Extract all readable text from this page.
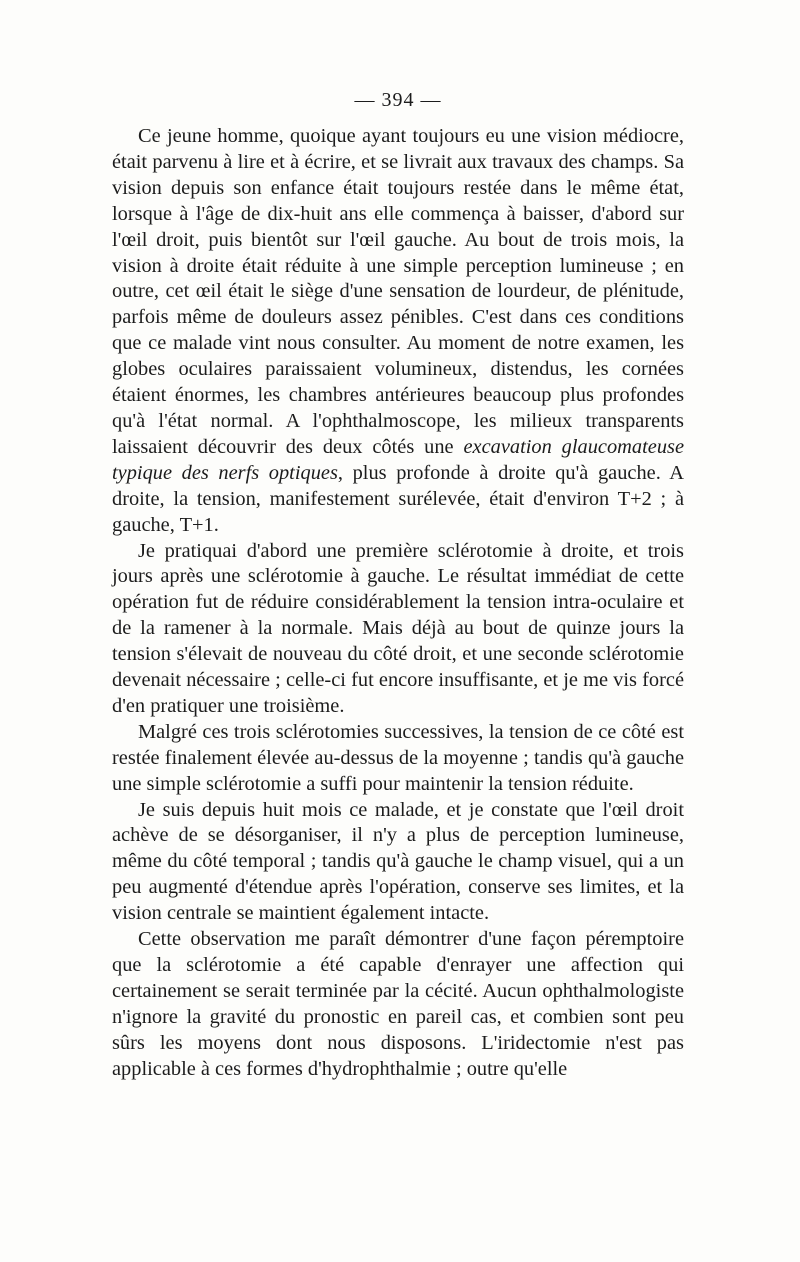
— 394 —

Ce jeune homme, quoique ayant toujours eu une vision médiocre, était parvenu à lire et à écrire, et se livrait aux travaux des champs. Sa vision depuis son enfance était toujours restée dans le même état, lorsque à l'âge de dix-huit ans elle commença à baisser, d'abord sur l'œil droit, puis bientôt sur l'œil gauche. Au bout de trois mois, la vision à droite était réduite à une simple perception lumineuse ; en outre, cet œil était le siège d'une sensation de lourdeur, de plénitude, parfois même de douleurs assez pénibles. C'est dans ces conditions que ce malade vint nous consulter. Au moment de notre examen, les globes oculaires paraissaient volumineux, distendus, les cornées étaient énormes, les chambres antérieures beaucoup plus profondes qu'à l'état normal. A l'ophthalmoscope, les milieux transparents laissaient découvrir des deux côtés une excavation glaucomateuse typique des nerfs optiques, plus profonde à droite qu'à gauche. A droite, la tension, manifestement surélevée, était d'environ T+2 ; à gauche, T+1.

Je pratiquai d'abord une première sclérotomie à droite, et trois jours après une sclérotomie à gauche. Le résultat immédiat de cette opération fut de réduire considérablement la tension intra-oculaire et de la ramener à la normale. Mais déjà au bout de quinze jours la tension s'élevait de nouveau du côté droit, et une seconde sclérotomie devenait nécessaire ; celle-ci fut encore insuffisante, et je me vis forcé d'en pratiquer une troisième.

Malgré ces trois sclérotomies successives, la tension de ce côté est restée finalement élevée au-dessus de la moyenne ; tandis qu'à gauche une simple sclérotomie a suffi pour maintenir la tension réduite.

Je suis depuis huit mois ce malade, et je constate que l'œil droit achève de se désorganiser, il n'y a plus de perception lumineuse, même du côté temporal ; tandis qu'à gauche le champ visuel, qui a un peu augmenté d'étendue après l'opération, conserve ses limites, et la vision centrale se maintient également intacte.

Cette observation me paraît démontrer d'une façon péremptoire que la sclérotomie a été capable d'enrayer une affection qui certainement se serait terminée par la cécité. Aucun ophthalmologiste n'ignore la gravité du pronostic en pareil cas, et combien sont peu sûrs les moyens dont nous disposons. L'iridectomie n'est pas applicable à ces formes d'hydrophthalmie ; outre qu'elle
